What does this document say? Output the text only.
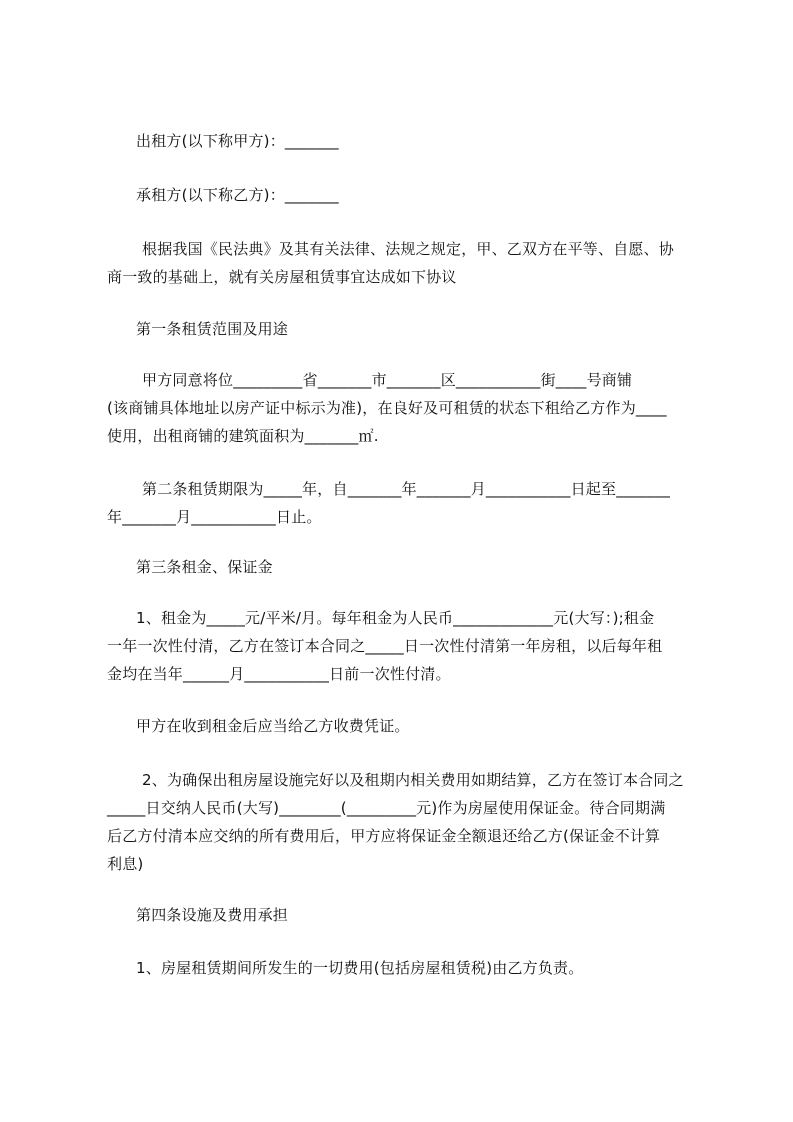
出租方(以下称甲方)：_______
承租方(以下称乙方)：_______
根据我国《民法典》及其有关法律、法规之规定，甲、乙双方在平等、自愿、协
商一致的基础上，就有关房屋租赁事宜达成如下协议
第一条租赁范围及用途
甲方同意将位_________省_______市_______区___________街____号商铺
(该商铺具体地址以房产证中标示为准)，在良好及可租赁的状态下租给乙方作为____
使用，出租商铺的建筑面积为_______㎡.
第二条租赁期限为_____年，自_______年_______月___________日起至_______
年_______月___________日止。
第三条租金、保证金
1、租金为_____元/平米/月。每年租金为人民币_____________元(大写：);租金
一年一次性付清，乙方在签订本合同之_____日一次性付清第一年房租，以后每年租
金均在当年______月___________日前一次性付清。
甲方在收到租金后应当给乙方收费凭证。
2、为确保出租房屋设施完好以及租期内相关费用如期结算，乙方在签订本合同之
_____日交纳人民币(大写)________(_________元)作为房屋使用保证金。待合同期满
后乙方付清本应交纳的所有费用后，甲方应将保证金全额退还给乙方(保证金不计算
利息)
第四条设施及费用承担
1、房屋租赁期间所发生的一切费用(包括房屋租赁税)由乙方负责。
